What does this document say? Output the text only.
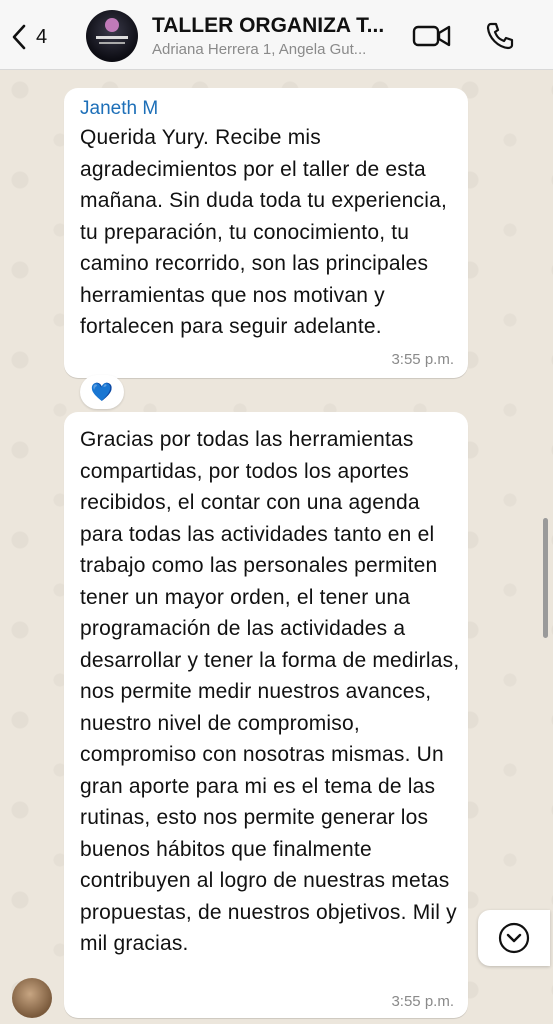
4	TALLER ORGANIZA T...
Adriana Herrera 1, Angela Gut...
Janeth M
Querida Yury. Recibe mis agradecimientos por el taller de esta mañana. Sin duda toda tu experiencia, tu preparación, tu conocimiento, tu camino recorrido, son las principales herramientas que nos motivan y fortalecen para seguir adelante.
3:55 p.m.
💙
Gracias por todas las herramientas compartidas, por todos los aportes recibidos, el contar con una agenda para todas las actividades tanto en el trabajo como las personales permiten tener un mayor orden, el tener una programación de las actividades a desarrollar y tener la forma de medirlas, nos permite medir nuestros avances, nuestro nivel de compromiso, compromiso con nosotras mismas. Un gran aporte para mi es el tema de las rutinas, esto nos permite generar los buenos hábitos que finalmente contribuyen al logro de nuestras metas propuestas, de nuestros objetivos. Mil y mil gracias.
3:55 p.m.
